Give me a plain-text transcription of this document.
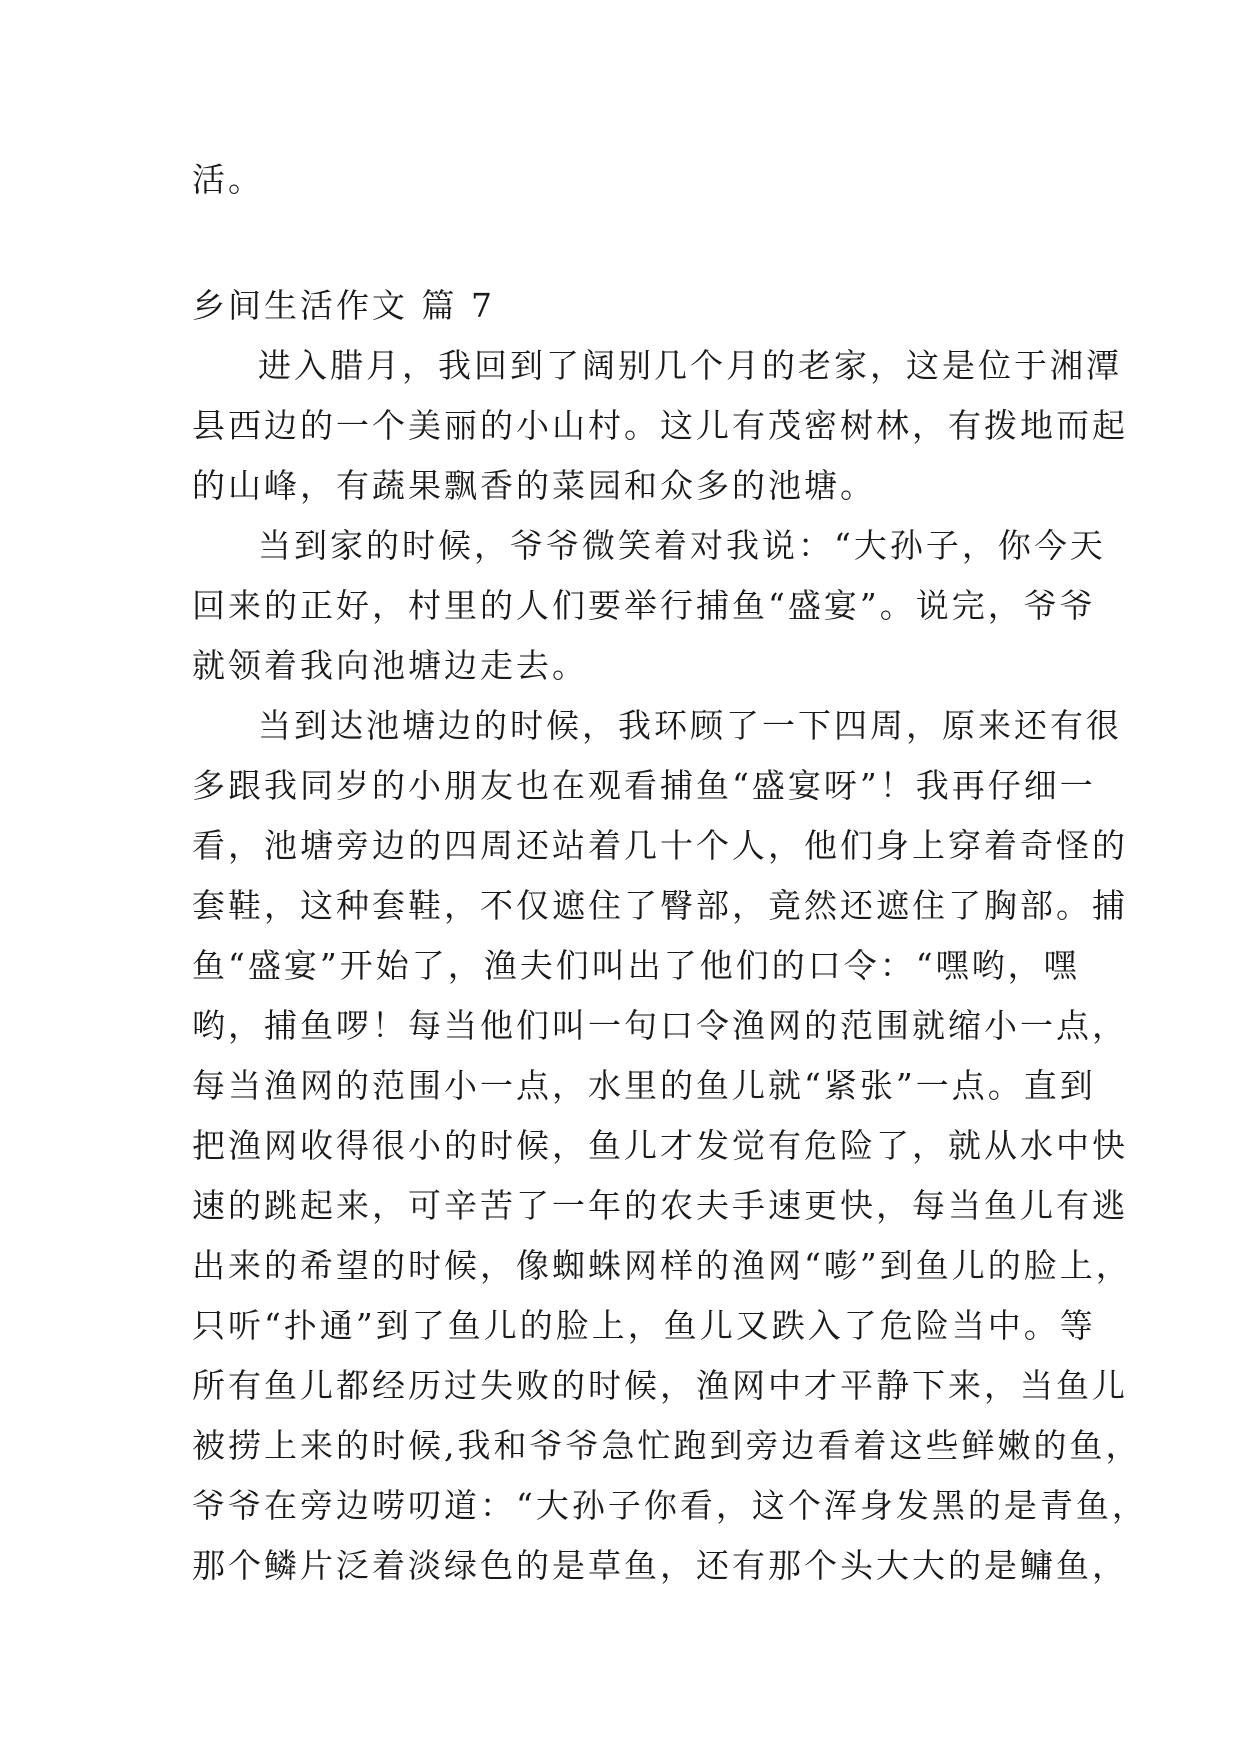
活。
乡间生活作文 篇 7
进入腊月，我回到了阔别几个月的老家，这是位于湘潭
县西边的一个美丽的小山村。这儿有茂密树林，有拨地而起
的山峰，有蔬果飘香的菜园和众多的池塘。
当到家的时候，爷爷微笑着对我说：“大孙子，你今天
回来的正好，村里的人们要举行捕鱼“盛宴”。说完，爷爷
就领着我向池塘边走去。
当到达池塘边的时候，我环顾了一下四周，原来还有很
多跟我同岁的小朋友也在观看捕鱼“盛宴呀”！我再仔细一
看，池塘旁边的四周还站着几十个人，他们身上穿着奇怪的
套鞋，这种套鞋，不仅遮住了臀部，竟然还遮住了胸部。捕
鱼“盛宴”开始了，渔夫们叫出了他们的口令：“嘿哟，嘿
哟，捕鱼啰！每当他们叫一句口令渔网的范围就缩小一点，
每当渔网的范围小一点，水里的鱼儿就“紧张”一点。直到
把渔网收得很小的时候，鱼儿才发觉有危险了，就从水中快
速的跳起来，可辛苦了一年的农夫手速更快，每当鱼儿有逃
出来的希望的时候，像蜘蛛网样的渔网“嘭”到鱼儿的脸上，
只听“扑通”到了鱼儿的脸上，鱼儿又跌入了危险当中。等
所有鱼儿都经历过失败的时候，渔网中才平静下来，当鱼儿
被捞上来的时候,我和爷爷急忙跑到旁边看着这些鲜嫩的鱼，
爷爷在旁边唠叨道：“大孙子你看，这个浑身发黑的是青鱼，
那个鳞片泛着淡绿色的是草鱼，还有那个头大大的是鳙鱼，
